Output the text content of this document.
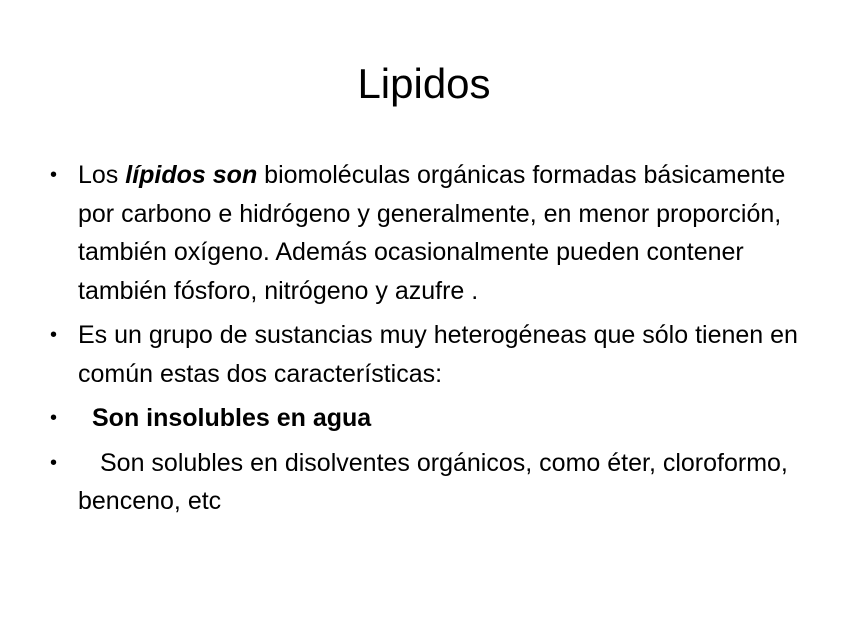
Lipidos
• Los lípidos son biomoléculas orgánicas formadas básicamente por carbono e hidrógeno y generalmente, en menor proporción, también oxígeno. Además ocasionalmente pueden contener también fósforo, nitrógeno y azufre .
• Es un grupo de sustancias muy heterogéneas que sólo tienen en común estas dos características:
• Son insolubles en agua
• Son solubles en disolventes orgánicos, como éter, cloroformo, benceno, etc
